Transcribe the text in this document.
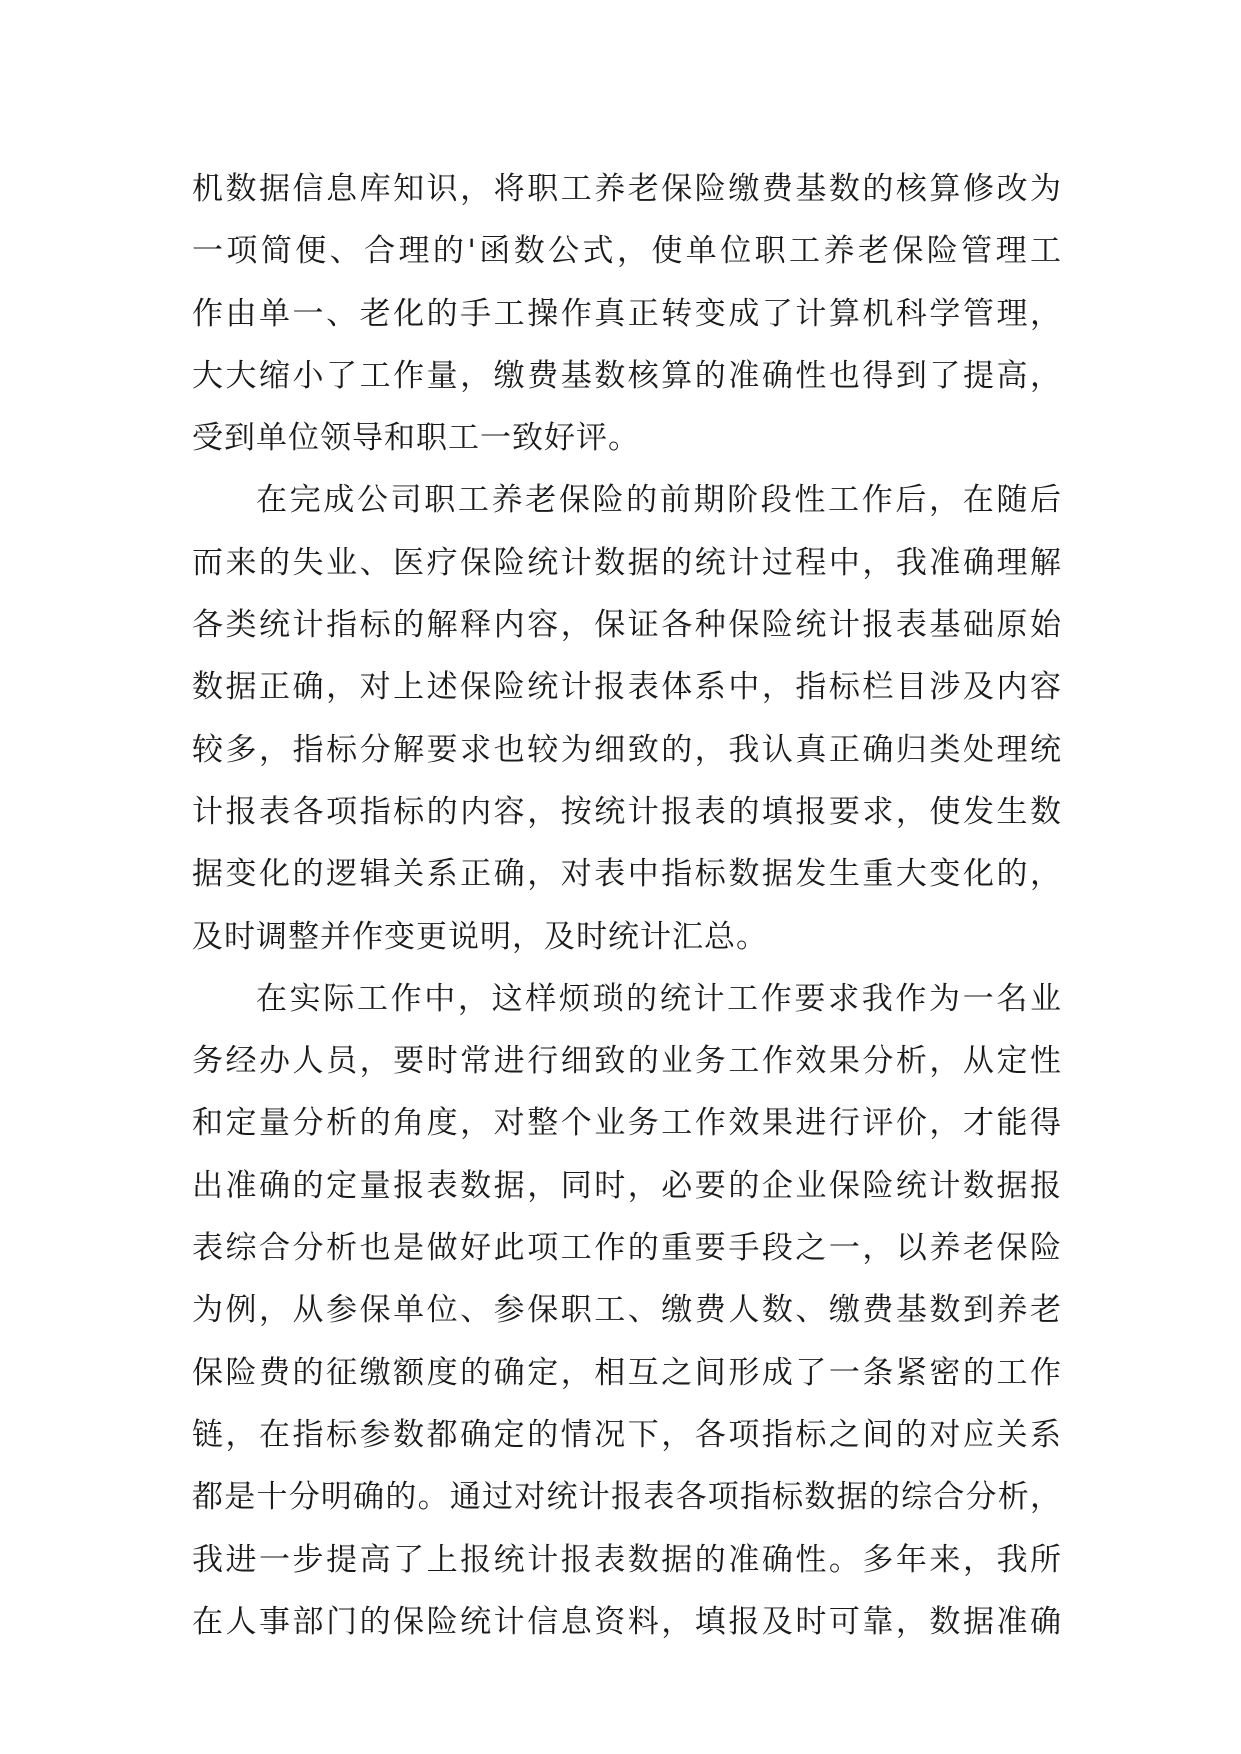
机数据信息库知识，将职工养老保险缴费基数的核算修改为
一项简便、合理的'函数公式，使单位职工养老保险管理工
作由单一、老化的手工操作真正转变成了计算机科学管理，
大大缩小了工作量，缴费基数核算的准确性也得到了提高，
受到单位领导和职工一致好评。
在完成公司职工养老保险的前期阶段性工作后，在随后
而来的失业、医疗保险统计数据的统计过程中，我准确理解
各类统计指标的解释内容，保证各种保险统计报表基础原始
数据正确，对上述保险统计报表体系中，指标栏目涉及内容
较多，指标分解要求也较为细致的，我认真正确归类处理统
计报表各项指标的内容，按统计报表的填报要求，使发生数
据变化的逻辑关系正确，对表中指标数据发生重大变化的，
及时调整并作变更说明，及时统计汇总。
在实际工作中，这样烦琐的统计工作要求我作为一名业
务经办人员，要时常进行细致的业务工作效果分析，从定性
和定量分析的角度，对整个业务工作效果进行评价，才能得
出准确的定量报表数据，同时，必要的企业保险统计数据报
表综合分析也是做好此项工作的重要手段之一，以养老保险
为例，从参保单位、参保职工、缴费人数、缴费基数到养老
保险费的征缴额度的确定，相互之间形成了一条紧密的工作
链，在指标参数都确定的情况下，各项指标之间的对应关系
都是十分明确的。通过对统计报表各项指标数据的综合分析，
我进一步提高了上报统计报表数据的准确性。多年来，我所
在人事部门的保险统计信息资料，填报及时可靠，数据准确
